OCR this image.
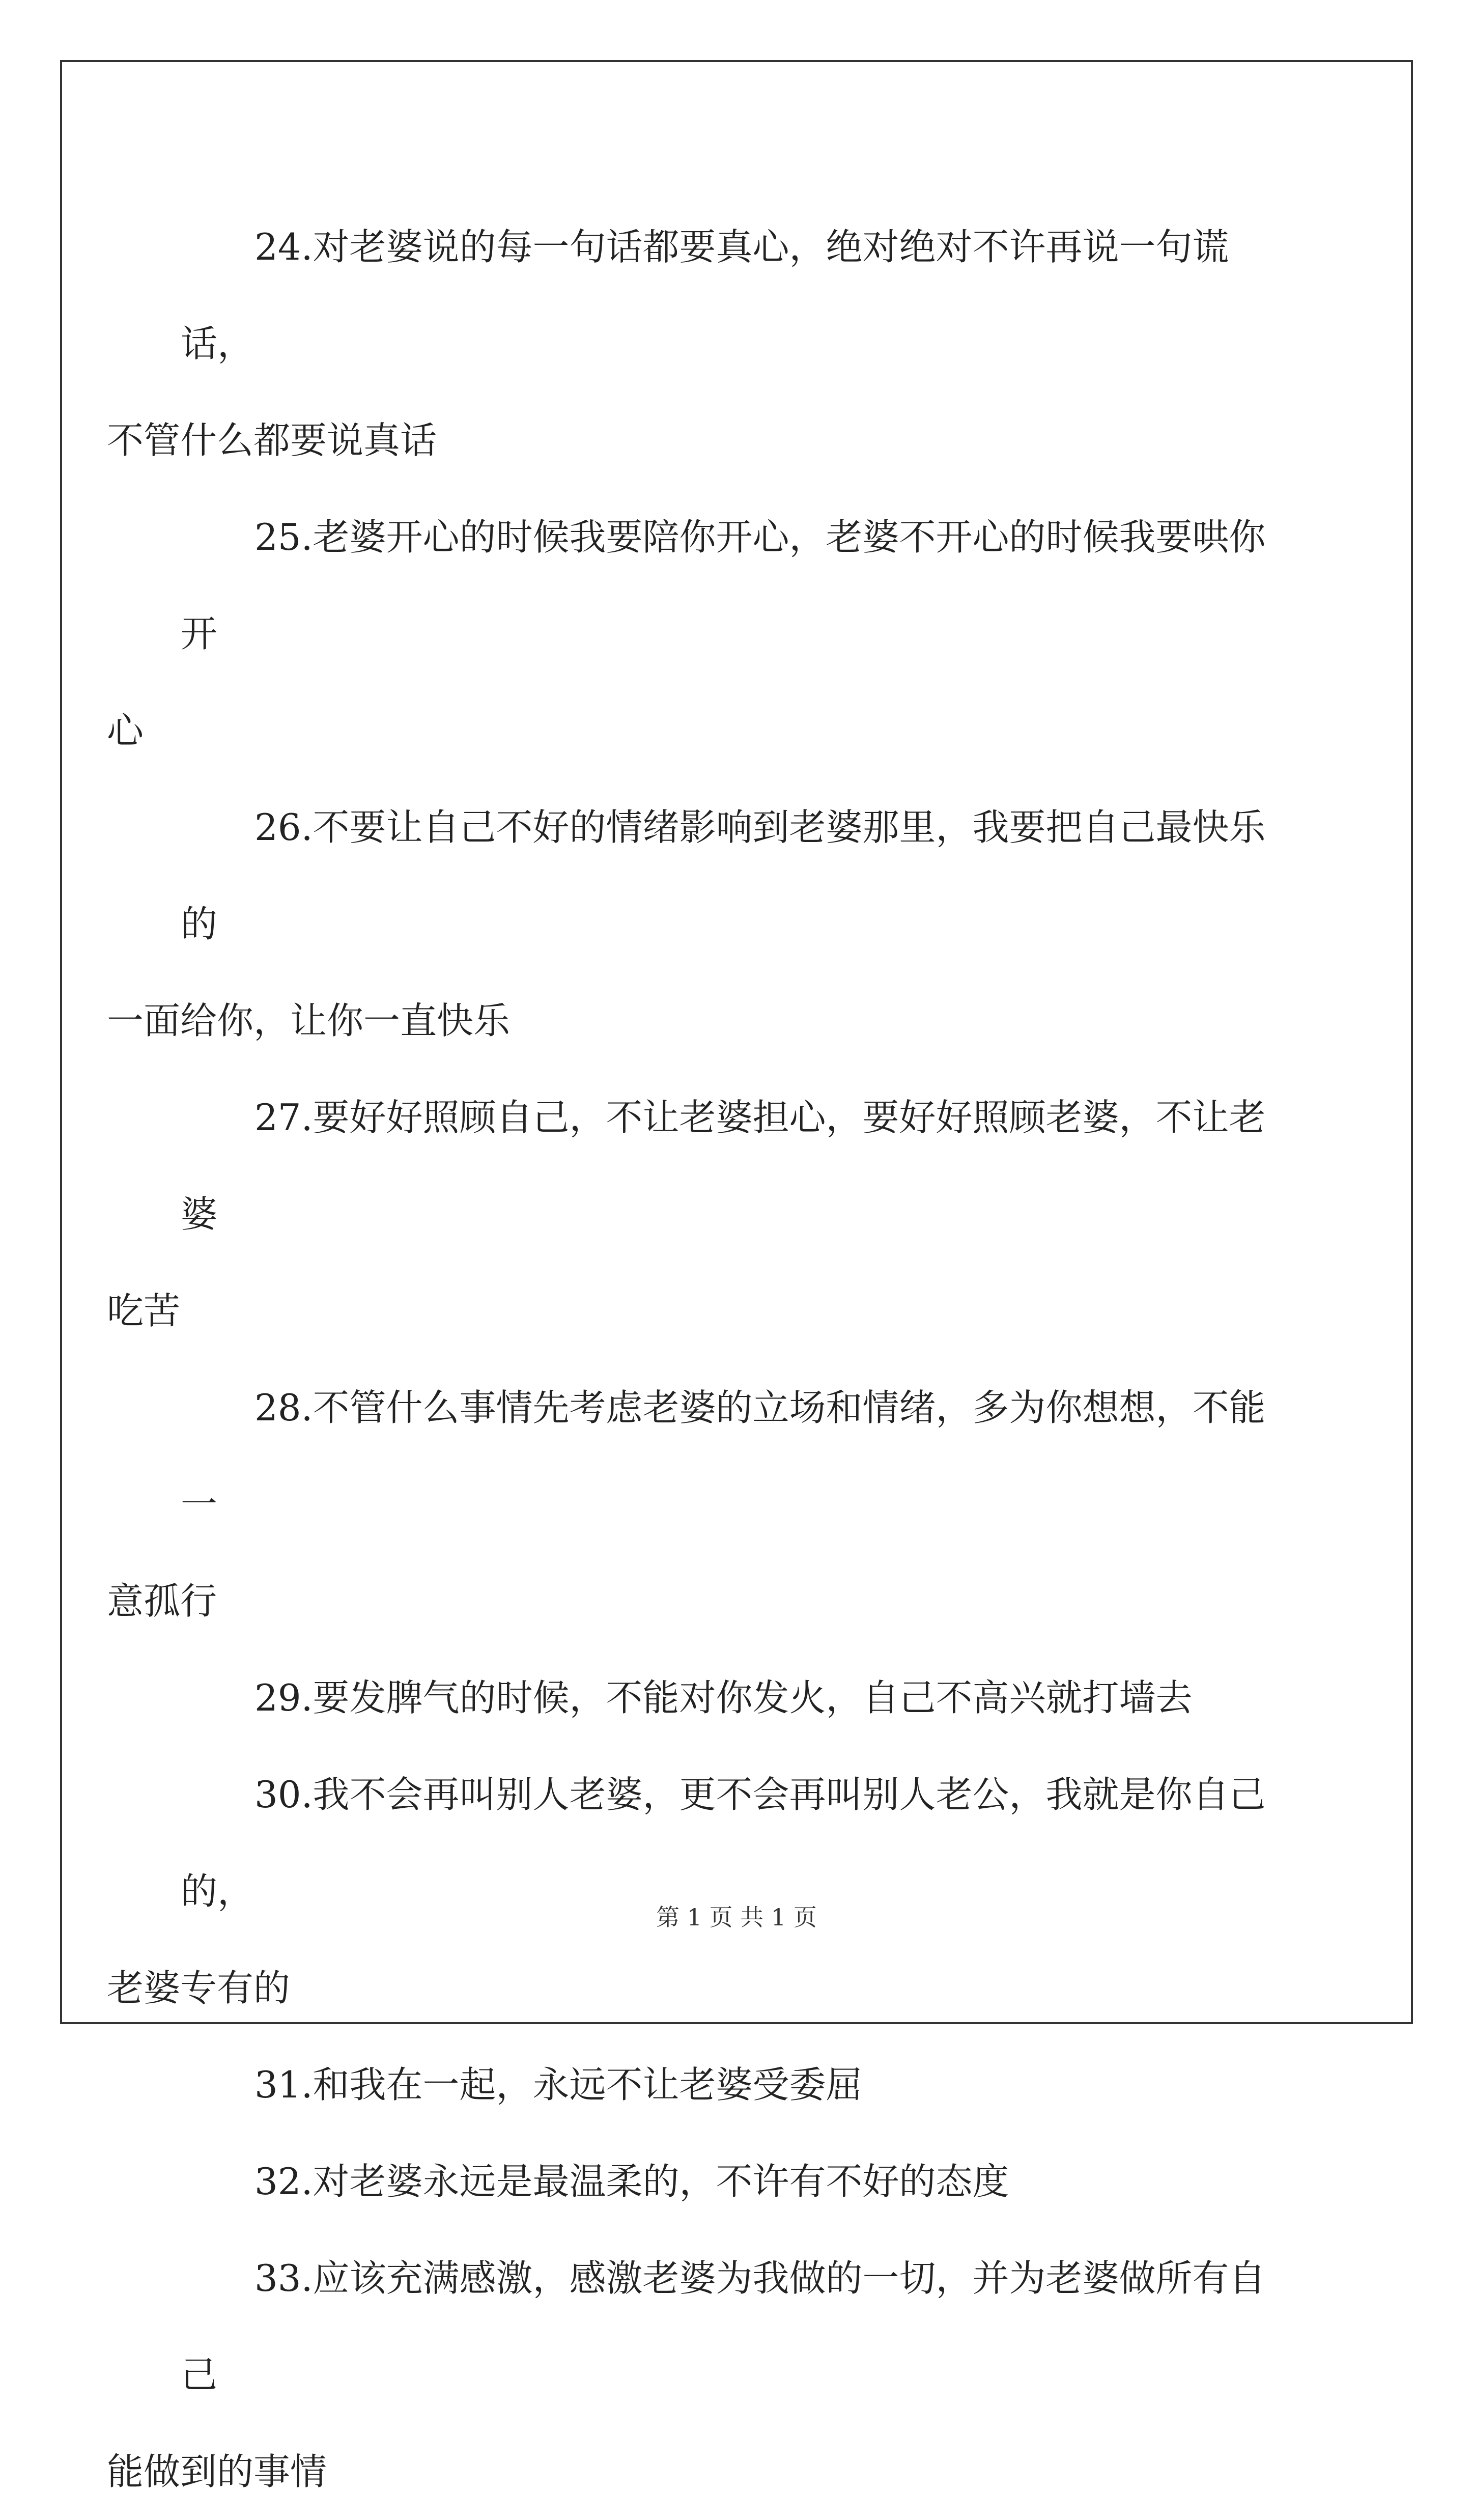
24.对老婆说的每一句话都要真心，绝对绝对不许再说一句谎话，
不管什么都要说真话

25.老婆开心的时候我要陪你开心，老婆不开心的时候我要哄你开
心

26.不要让自己不好的情绪影响到老婆那里，我要把自己最快乐的
一面给你，让你一直快乐

27.要好好照顾自己，不让老婆担心，要好好照顾老婆，不让老婆
吃苦

28.不管什么事情先考虑老婆的立场和情绪，多为你想想，不能一
意孤行

29.要发脾气的时候，不能对你发火，自己不高兴就打墙去

30.我不会再叫别人老婆，更不会再叫别人老公，我就是你自己的，
老婆专有的

31.和我在一起，永远不让老婆受委屈

32.对老婆永远是最温柔的，不许有不好的态度

33.应该充满感激，感激老婆为我做的一切，并为老婆做所有自己
能做到的事情

第 1 页 共 1 页
